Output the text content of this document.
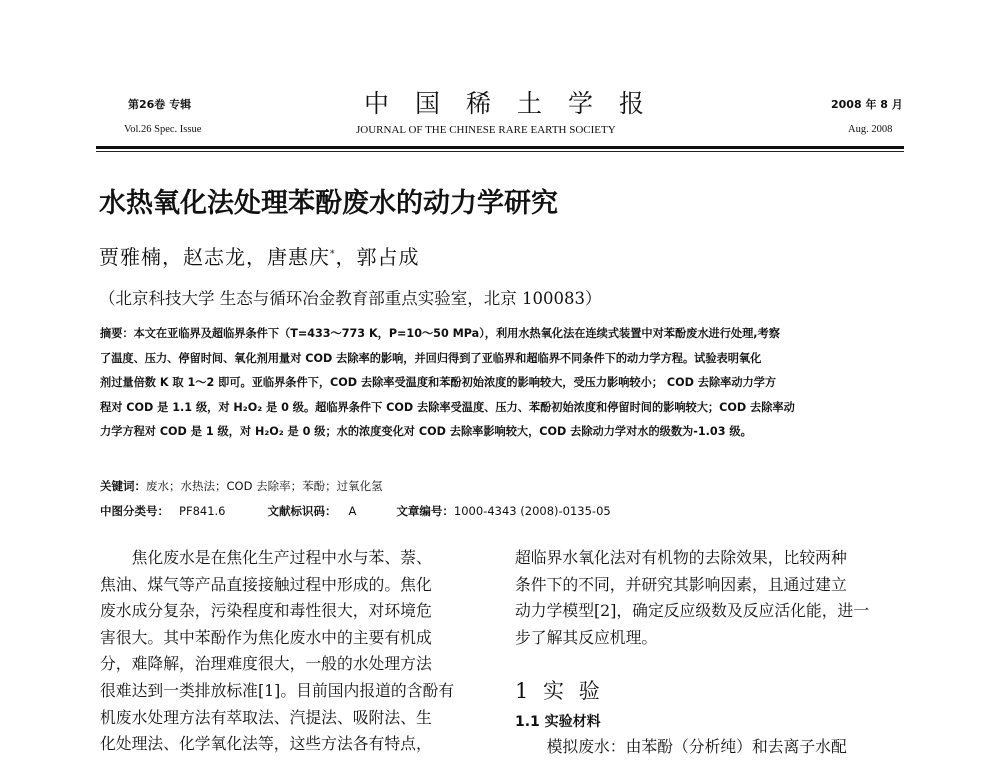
第26卷 专辑
Vol.26 Spec. Issue
中国稀土学报
JOURNAL OF THE CHINESE RARE EARTH SOCIETY
2008 年 8 月
Aug. 2008
水热氧化法处理苯酚废水的动力学研究
贾雅楠，赵志龙，唐惠庆*，郭占成
（北京科技大学 生态与循环冶金教育部重点实验室，北京 100083）
摘要：本文在亚临界及超临界条件下（T=433～773 K，P=10～50 MPa），利用水热氧化法在连续式装置中对苯酚废水进行处理,考察
了温度、压力、停留时间、氧化剂用量对 COD 去除率的影响，并回归得到了亚临界和超临界不同条件下的动力学方程。试验表明氧化
剂过量倍数 K 取 1～2 即可。亚临界条件下，COD 去除率受温度和苯酚初始浓度的影响较大，受压力影响较小； COD 去除率动力学方
程对 COD 是 1.1 级，对 H₂O₂ 是 0 级。超临界条件下 COD 去除率受温度、压力、苯酚初始浓度和停留时间的影响较大；COD 去除率动
力学方程对 COD 是 1 级，对 H₂O₂ 是 0 级；水的浓度变化对 COD 去除率影响较大，COD 去除动力学对水的级数为-1.03 级。
关键词：废水；水热法；COD 去除率；苯酚；过氧化氢
中图分类号： PF841.6	文献标识码： A	文章编号：1000-4343 (2008)-0135-05
　　焦化废水是在焦化生产过程中水与苯、萘、
焦油、煤气等产品直接接触过程中形成的。焦化
废水成分复杂，污染程度和毒性很大，对环境危
害很大。其中苯酚作为焦化废水中的主要有机成
分，难降解，治理难度很大，一般的水处理方法
很难达到一类排放标准[1]。目前国内报道的含酚有
机废水处理方法有萃取法、汽提法、吸附法、生
化处理法、化学氧化法等，这些方法各有特点，
超临界水氧化法对有机物的去除效果，比较两种
条件下的不同，并研究其影响因素，且通过建立
动力学模型[2]，确定反应级数及反应活化能，进一
步了解其反应机理。
1 实 验
1.1 实验材料
　　模拟废水：由苯酚（分析纯）和去离子水配
